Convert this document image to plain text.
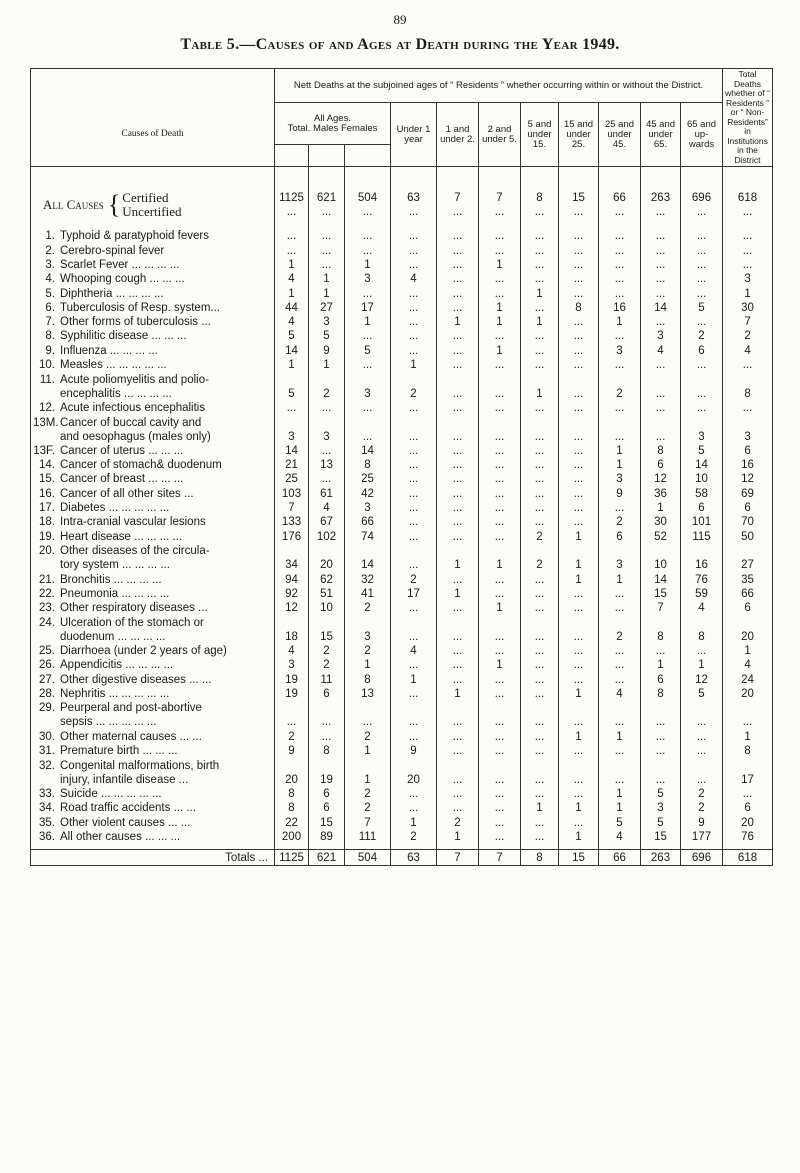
89
Table 5.—Causes of and Ages at Death during the Year 1949.
	Nett Deaths at the subjoined ages of “ Residents ” whether occurring within or without the District.	Total Deaths whether of “ Residents ” or “ Non-Residents” in Institutions in the District
Causes of Death	
All Ages.
Total. Males Females	Under 1 year	1 and under 2.	2 and under 5.	5 and under 15.	15 and under 25.	25 and under 45.	45 and under 65.	65 and up-wards

All Causes	{	Certified
Uncertified
	1125	621	504	63	7	7	8	15	66	263	696	618
...	...	...	...	...	...	...	...	...	...	...	...

1. Typhoid & paratyphoid fevers	...	...	...	...	...	...	...	...	...	...	...	...

2. Cerebro-spinal fever	...	...	...	...	...	...	...	...	...	...	...	...

3. Scarlet Fever ... ... ... ...	1	...	1	...	...	1	...	...	...	...	...	...

4. Whooping cough ... ... ...	4	1	3	4	...	...	...	...	...	...	...	3

5. Diphtheria ... ... ... ...	1	1	...	...	...	...	1	...	...	...	...	1

6. Tuberculosis of Resp. system...	44	27	17	...	...	1	...	8	16	14	5	30

7. Other forms of tuberculosis ...	4	3	1	...	1	1	1	...	1	...	...	7

8. Syphilitic disease ... ... ...	5	5	...	...	...	...	...	...	...	3	2	2

9. Influenza ... ... ... ...	14	9	5	...	...	1	...	...	3	4	6	4

10. Measles ... ... ... ... ...	1	1	...	1	...	...	...	...	...	...	...	...

11. Acute poliomyelitis and polio-
encephalitis ... ... ... ...	5	2	3	2	...	...	1	...	2	...	...	8

12. Acute infectious encephalitis	...	...	...	...	...	...	...	...	...	...	...	...

13M.Cancer of buccal cavity and
and oesophagus (males only)	3	3	...	...	...	...	...	...	...	...	3	3

13F. Cancer of uterus ... ... ...	14	...	14	...	...	...	...	...	1	8	5	6

14. Cancer of stomach& duodenum	21	13	8	...	...	...	...	...	1	6	14	16

15. Cancer of breast ... ... ...	25	...	25	...	...	...	...	...	3	12	10	12

16. Cancer of all other sites ...	103	61	42	...	...	...	...	...	9	36	58	69

17. Diabetes ... ... ... ... ...	7	4	3	...	...	...	...	...	...	1	6	6

18. Intra-cranial vascular lesions	133	67	66	...	...	...	...	...	2	30	101	70

19. Heart disease ... ... ... ...	176	102	74	...	...	...	2	1	6	52	115	50

20. Other diseases of the circula-
tory system ... ... ... ...	34	20	14	...	1	1	2	1	3	10	16	27

21. Bronchitis ... ... ... ...	94	62	32	2	...	...	...	1	1	14	76	35

22. Pneumonia ... ... ... ...	92	51	41	17	1	...	...	...	...	15	59	66

23. Other respiratory diseases ...	12	10	2	...	...	1	...	...	...	7	4	6

24. Ulceration of the stomach or
duodenum ... ... ... ...	18	15	3	...	...	...	...	...	2	8	8	20

25. Diarrhoea (under 2 years of age)	4	2	2	4	...	...	...	...	...	...	...	1

26. Appendicitis ... ... ... ...	3	2	1	...	...	1	...	...	...	1	1	4

27. Other digestive diseases ... ...	19	11	8	1	...	...	...	...	...	6	12	24

28. Nephritis ... ... ... ... ...	19	6	13	...	1	...	...	1	4	8	5	20

29. Peurperal and post-abortive
sepsis ... ... ... ... ...	...	...	...	...	...	...	...	...	...	...	...	...

30. Other maternal causes ... ...	2	...	2	...	...	...	...	1	1	...	...	1

31. Premature birth ... ... ...	9	8	1	9	...	...	...	...	...	...	...	8

32. Congenital malformations, birth
injury, infantile disease ...	20	19	1	20	...	...	...	...	...	...	...	17

33. Suicide ... ... ... ... ...	8	6	2	...	...	...	...	...	1	5	2	...

34. Road traffic accidents ... ...	8	6	2	...	...	...	1	1	1	3	2	6

35. Other violent causes ... ...	22	15	7	1	2	...	...	...	5	5	9	20

36. All other causes ... ... ...	200	89	111	2	1	...	...	1	4	15	177	76

Totals ...	1125	621	504	63	7	7	8	15	66	263	696	618
